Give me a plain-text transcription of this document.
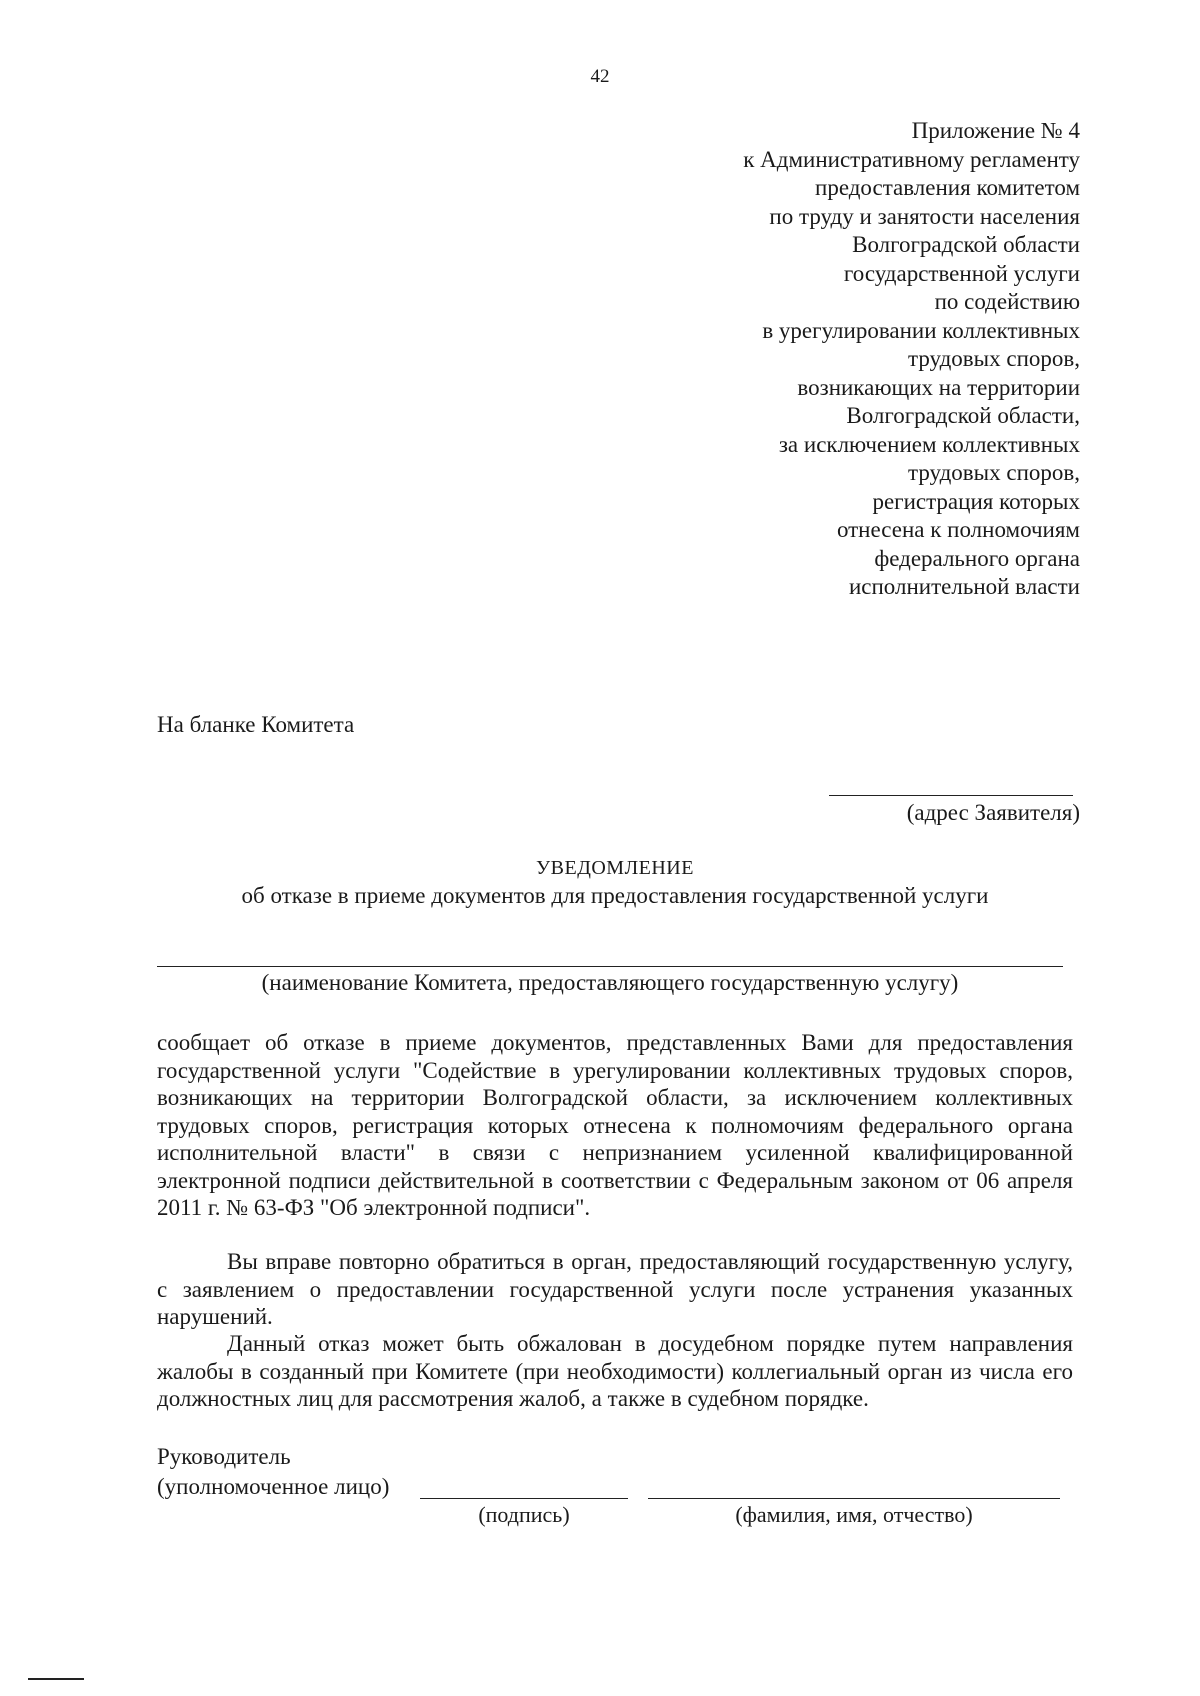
42
Приложение № 4
к Административному регламенту
предоставления комитетом
по труду и занятости населения
Волгоградской области
государственной услуги
по содействию
в урегулировании коллективных
трудовых споров,
возникающих на территории
Волгоградской области,
за исключением коллективных
трудовых споров,
регистрация которых
отнесена к полномочиям
федерального органа
исполнительной власти
На бланке Комитета
(адрес Заявителя)
УВЕДОМЛЕНИЕ
об отказе в приеме документов для предоставления государственной услуги
(наименование Комитета, предоставляющего государственную услугу)
сообщает об отказе в приеме документов, представленных Вами для предоставления государственной услуги "Содействие в урегулировании коллективных трудовых споров, возникающих на территории Волгоградской области, за исключением коллективных трудовых споров, регистрация которых отнесена к полномочиям федерального органа исполнительной власти" в связи с непризнанием усиленной квалифицированной электронной подписи действительной в соответствии с Федеральным законом от 06 апреля 2011 г. № 63-ФЗ "Об электронной подписи".
Вы вправе повторно обратиться в орган, предоставляющий государственную услугу, с заявлением о предоставлении государственной услуги после устранения указанных нарушений.
Данный отказ может быть обжалован в досудебном порядке путем направления жалобы в созданный при Комитете (при необходимости) коллегиальный орган из числа его должностных лиц для рассмотрения жалоб, а также в судебном порядке.
Руководитель
(уполномоченное лицо)
(подпись)	(фамилия, имя, отчество)
